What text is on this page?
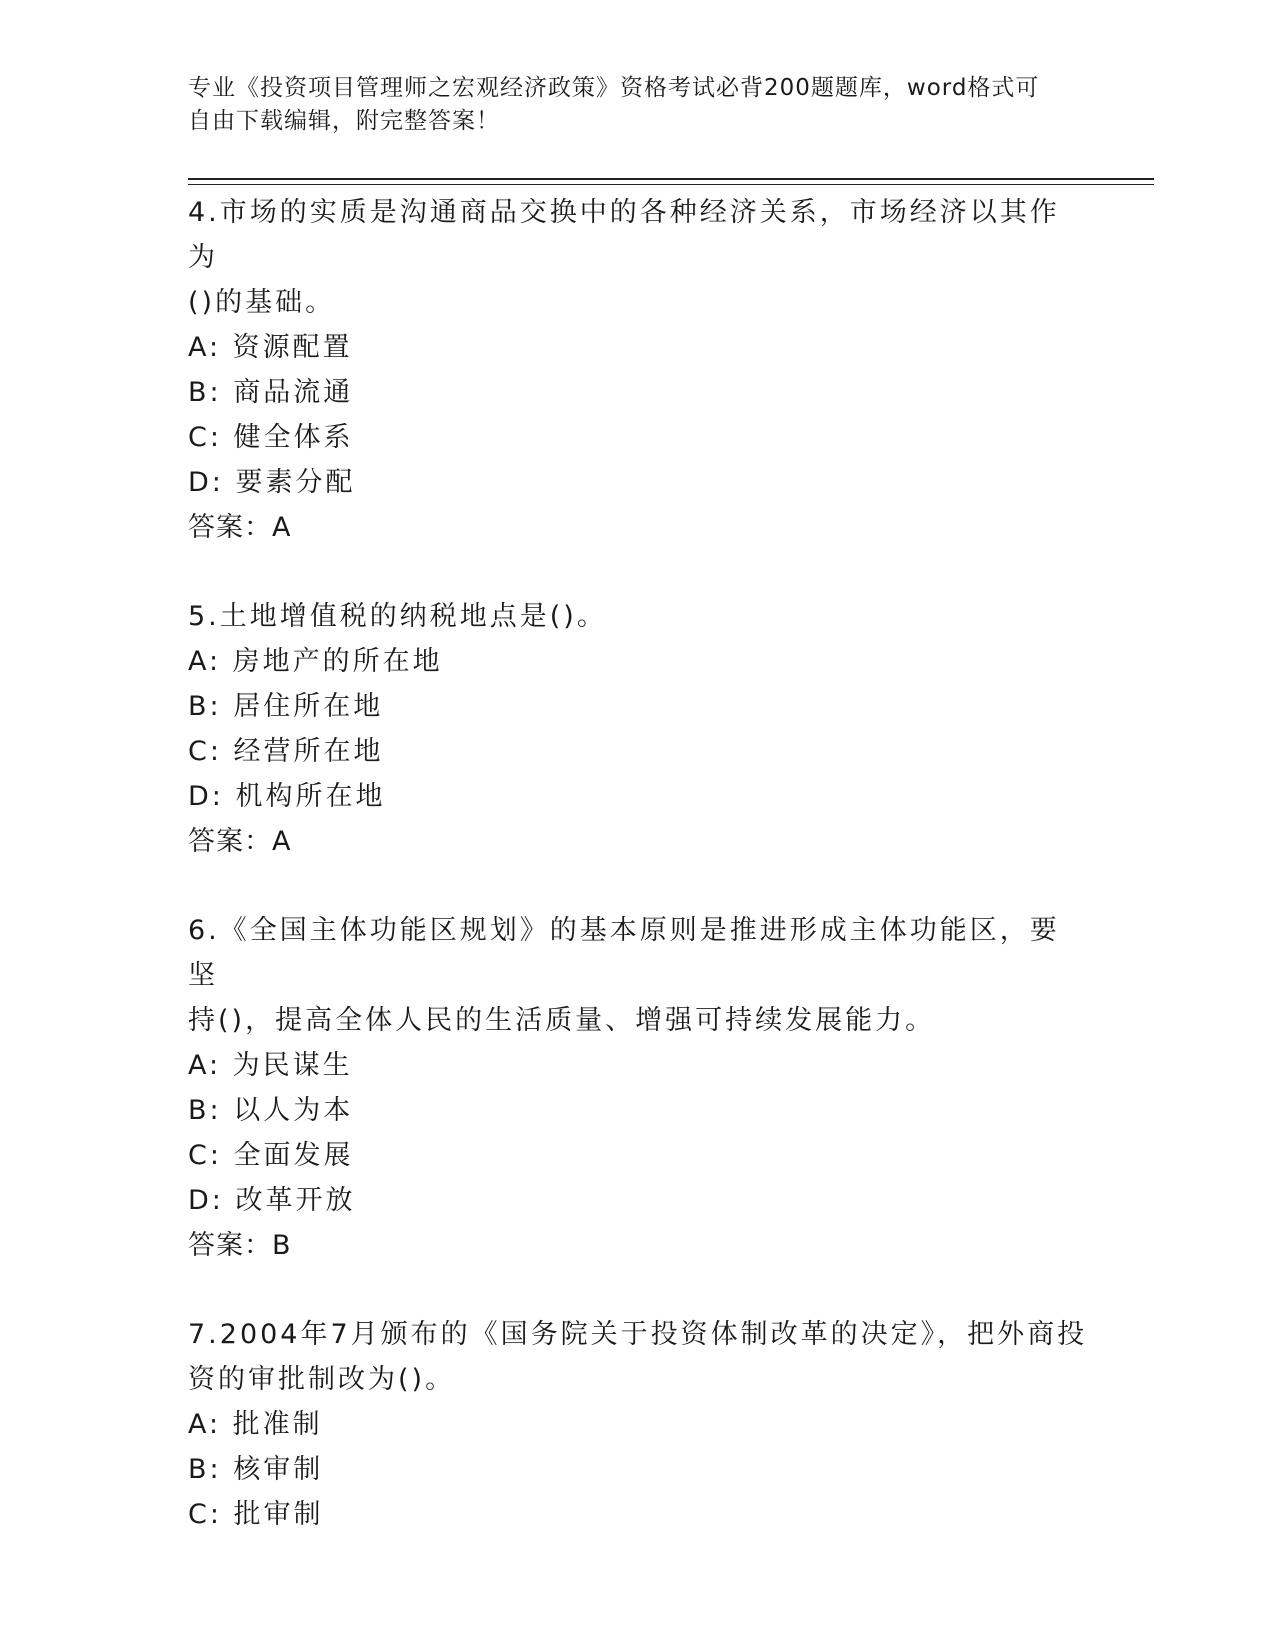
专业《投资项目管理师之宏观经济政策》资格考试必背200题题库，word格式可
自由下载编辑，附完整答案！

4.市场的实质是沟通商品交换中的各种经济关系，市场经济以其作为

()的基础。

A: 资源配置

B: 商品流通

C: 健全体系

D: 要素分配

答案：A

5.土地增值税的纳税地点是()。

A: 房地产的所在地

B: 居住所在地

C: 经营所在地

D: 机构所在地

答案：A

6.《全国主体功能区规划》的基本原则是推进形成主体功能区，要坚

持()，提高全体人民的生活质量、增强可持续发展能力。

A: 为民谋生

B: 以人为本

C: 全面发展

D: 改革开放

答案：B

7.2004年7月颁布的《国务院关于投资体制改革的决定》，把外商投

资的审批制改为()。

A: 批准制

B: 核审制

C: 批审制
